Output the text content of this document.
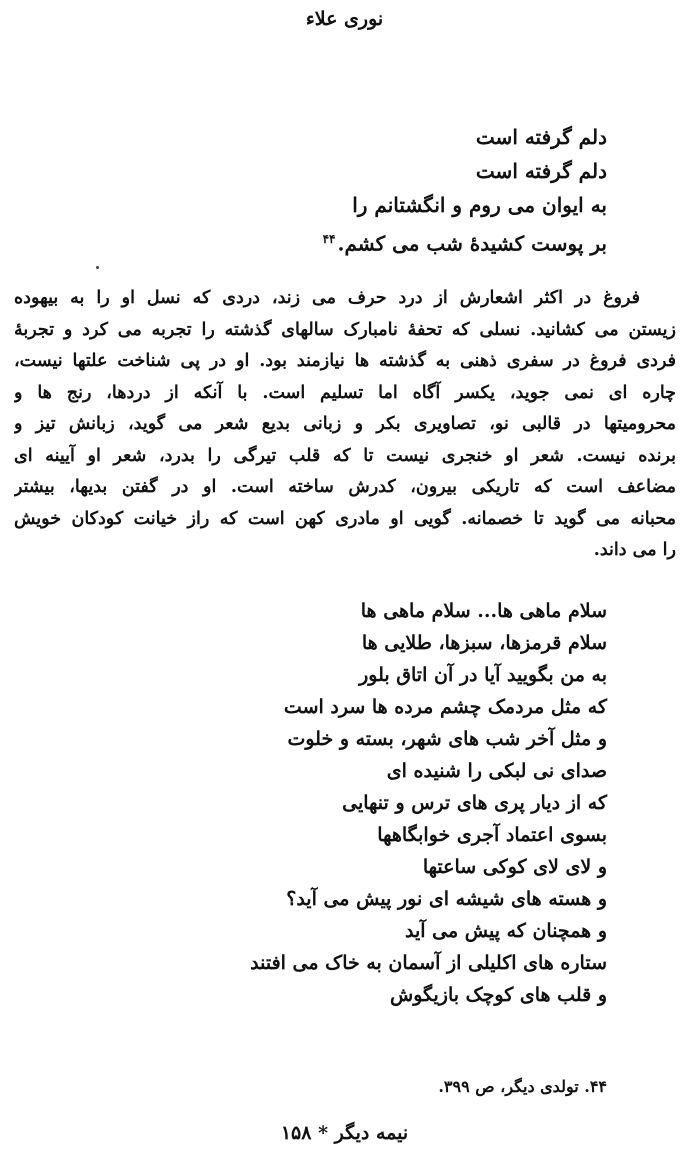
نوری علاء
دلم گرفته است
دلم گرفته است
به ایوان می روم و انگشتانم را
بر پوست کشیدهٔ شب می کشم.$^{۴۴}$
فروغ در اکثر اشعارش از درد حرف می زند، دردی که نسل او را به بیهوده
زیستن می کشانید. نسلی که تحفهٔ نامبارک سالهای گذشته را تجربه می کرد و تجربهٔ
فردی فروغ در سفری ذهنی به گذشته ها نیازمند بود. او در پی شناخت علتها نیست،
چاره ای نمی جوید، یکسر آگاه اما تسلیم است. با آنکه از دردها، رنج ها و
محرومیتها در قالبی نو، تصاویری بکر و زبانی بدیع شعر می گوید، زبانش تیز و
برنده نیست. شعر او خنجری نیست تا که قلب تیرگی را بدرد، شعر او آیینه ای
مضاعف است که تاریکی بیرون، کدرش ساخته است. او در گفتن بدیها، بیشتر
محبانه می گوید تا خصمانه. گویی او مادری کهن است که راز خیانت کودکان خویش
را می داند.
سلام ماهی ها... سلام ماهی ها
سلام قرمزها، سبزها، طلایی ها
به من بگویید آیا در آن اتاق بلور
که مثل مردمک چشم مرده ها سرد است
و مثل آخر شب های شهر، بسته و خلوت
صدای نی لبکی را شنیده ای
که از دیار پری های ترس و تنهایی
بسوی اعتماد آجری خوابگاهها
و لای لای کوکی ساعتها
و هسته های شیشه ای نور پیش می آید؟
و همچنان که پیش می آید
ستاره های اکلیلی از آسمان به خاک می افتند
و قلب های کوچک بازیگوش
۴۴. تولدی دیگر، ص ۳۹۹.
نیمه دیگر * ۱۵۸
